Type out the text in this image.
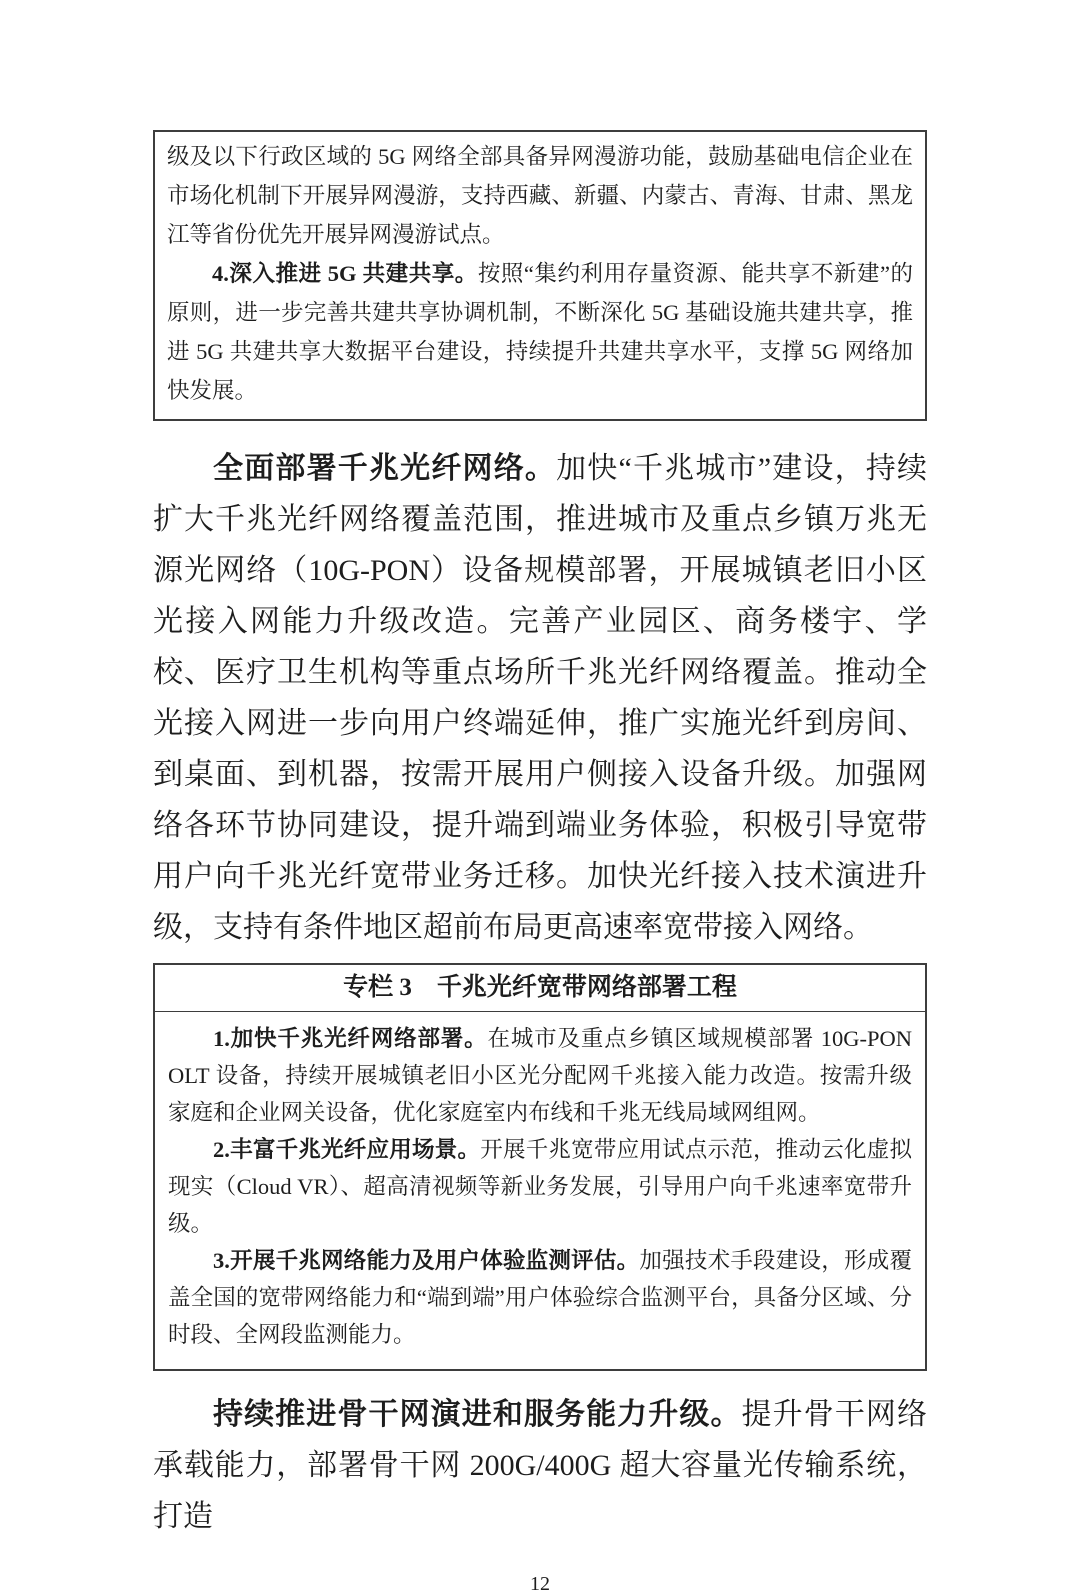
级及以下行政区域的 5G 网络全部具备异网漫游功能，鼓励基础电信企业在市场化机制下开展异网漫游，支持西藏、新疆、内蒙古、青海、甘肃、黑龙江等省份优先开展异网漫游试点。

4.深入推进 5G 共建共享。按照“集约利用存量资源、能共享不新建”的原则，进一步完善共建共享协调机制，不断深化 5G 基础设施共建共享，推进 5G 共建共享大数据平台建设，持续提升共建共享水平，支撑 5G 网络加快发展。

全面部署千兆光纤网络。加快“千兆城市”建设，持续扩大千兆光纤网络覆盖范围，推进城市及重点乡镇万兆无源光网络（10G-PON）设备规模部署，开展城镇老旧小区光接入网能力升级改造。完善产业园区、商务楼宇、学校、医疗卫生机构等重点场所千兆光纤网络覆盖。推动全光接入网进一步向用户终端延伸，推广实施光纤到房间、到桌面、到机器，按需开展用户侧接入设备升级。加强网络各环节协同建设，提升端到端业务体验，积极引导宽带用户向千兆光纤宽带业务迁移。加快光纤接入技术演进升级，支持有条件地区超前布局更高速率宽带接入网络。

专栏 3　千兆光纤宽带网络部署工程

1.加快千兆光纤网络部署。在城市及重点乡镇区域规模部署 10G-PON OLT 设备，持续开展城镇老旧小区光分配网千兆接入能力改造。按需升级家庭和企业网关设备，优化家庭室内布线和千兆无线局域网组网。

2.丰富千兆光纤应用场景。开展千兆宽带应用试点示范，推动云化虚拟现实（Cloud VR）、超高清视频等新业务发展，引导用户向千兆速率宽带升级。

3.开展千兆网络能力及用户体验监测评估。加强技术手段建设，形成覆盖全国的宽带网络能力和“端到端”用户体验综合监测平台，具备分区域、分时段、全网段监测能力。

持续推进骨干网演进和服务能力升级。提升骨干网络承载能力，部署骨干网 200G/400G 超大容量光传输系统，打造

12
